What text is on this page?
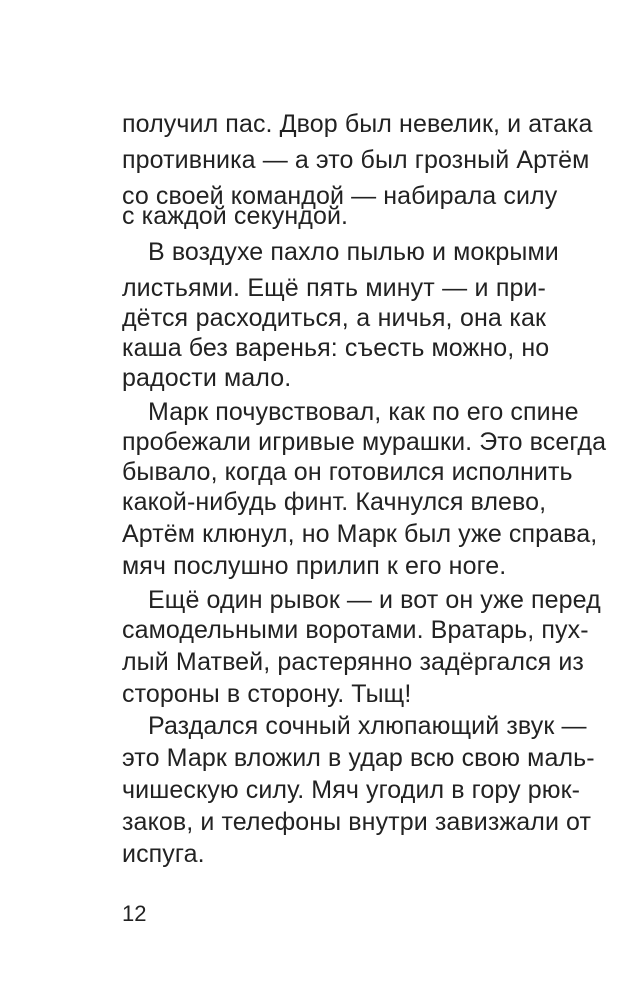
получил пас. Двор был невелик, и атака
противника — а это был грозный Артём
со своей командой — набирала силу
с каждой секундой.
В воздухе пахло пылью и мокрыми
листьями. Ещё пять минут — и при-
дётся расходиться, а ничья, она как
каша без варенья: съесть можно, но
радости мало.
Марк почувствовал, как по его спине
пробежали игривые мурашки. Это всегда
бывало, когда он готовился исполнить
какой-нибудь финт. Качнулся влево,
Артём клюнул, но Марк был уже справа,
мяч послушно прилип к его ноге.
Ещё один рывок — и вот он уже перед
самодельными воротами. Вратарь, пух-
лый Матвей, растерянно задёргался из
стороны в сторону. Тыщ!
Раздался сочный хлюпающий звук —
это Марк вложил в удар всю свою маль-
чишескую силу. Мяч угодил в гору рюк-
заков, и телефоны внутри завизжали от
испуга.
12
